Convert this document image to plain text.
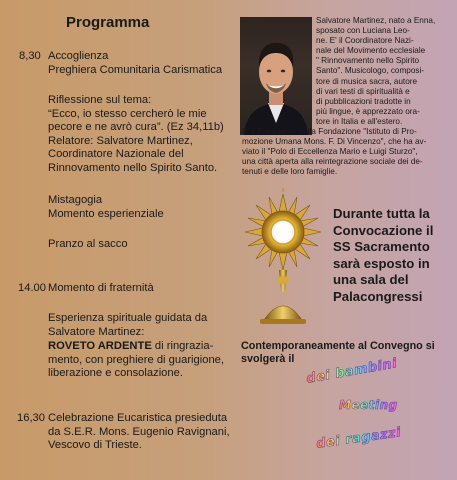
Programma
8,30 Accoglienza
Preghiera Comunitaria Carismatica
Riflessione sul tema:
“Ecco, io stesso cercherò le mie
pecore e ne avrò cura”. (Ez 34,11b)
Relatore: Salvatore Martinez,
Coordinatore Nazionale del
Rinnovamento nello Spirito Santo.
Mistagogia
Momento esperienziale
Pranzo al sacco
14.00 Momento di fraternità
Esperienza spirituale guidata da
Salvatore Martinez:
ROVETO ARDENTE di ringrazia-
mento, con preghiere di guarigione,
liberazione e consolazione.
16,30 Celebrazione Eucaristica presieduta
da S.E.R. Mons. Eugenio Ravignani,
Vescovo di Trieste.
Salvatore Martinez, nato a Enna,
sposato con Luciana Leo-
ne. E' il Coordinatore Nazi-
nale del Movimento ecclesiale
" Rinnovamento nello Spirito
Santo". Musicologo, composi-
tore di musica sacra, autore
di vari testi di spiritualità e
di pubblicazioni tradotte in
più lingue, è apprezzato ora-
tore in Italia e all'estero.
E' il Presidente della Fondazione "Istituto di Pro-
mozione Umana Mons. F. Di Vincenzo", che ha av-
viato il "Polo di Eccellenza Mario e Luigi Sturzo",
una città aperta alla reintegrazione sociale dei de-
tenuti e delle loro famiglie.
Durante tutta la
Convocazione il
SS Sacramento
sarà esposto in
una sala del
Palacongressi
Contemporaneamente al Convegno si
svolgerà il dei bambini
Meeting
dei ragazzi
